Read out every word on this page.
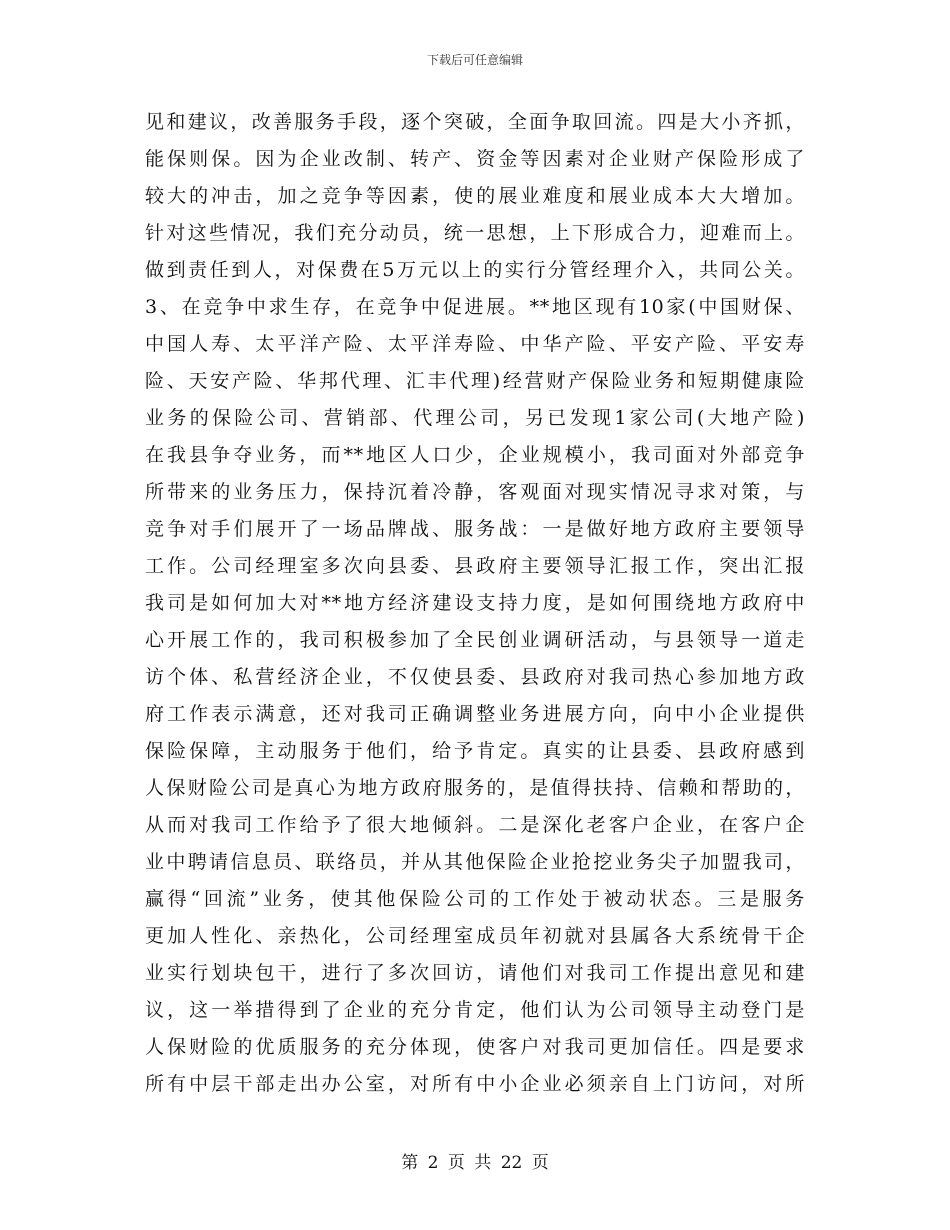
下载后可任意编辑
见和建议，改善服务手段，逐个突破，全面争取回流。四是大小齐抓，
能保则保。因为企业改制、转产、资金等因素对企业财产保险形成了
较大的冲击，加之竞争等因素，使的展业难度和展业成本大大增加。
针对这些情况，我们充分动员，统一思想，上下形成合力，迎难而上。
做到责任到人，对保费在5万元以上的实行分管经理介入，共同公关。
3、在竞争中求生存，在竞争中促进展。**地区现有10家(中国财保、
中国人寿、太平洋产险、太平洋寿险、中华产险、平安产险、平安寿
险、天安产险、华邦代理、汇丰代理)经营财产保险业务和短期健康险
业务的保险公司、营销部、代理公司，另已发现1家公司(大地产险)
在我县争夺业务，而**地区人口少，企业规模小，我司面对外部竞争
所带来的业务压力，保持沉着冷静，客观面对现实情况寻求对策，与
竞争对手们展开了一场品牌战、服务战：一是做好地方政府主要领导
工作。公司经理室多次向县委、县政府主要领导汇报工作，突出汇报
我司是如何加大对**地方经济建设支持力度，是如何围绕地方政府中
心开展工作的，我司积极参加了全民创业调研活动，与县领导一道走
访个体、私营经济企业，不仅使县委、县政府对我司热心参加地方政
府工作表示满意，还对我司正确调整业务进展方向，向中小企业提供
保险保障，主动服务于他们，给予肯定。真实的让县委、县政府感到
人保财险公司是真心为地方政府服务的，是值得扶持、信赖和帮助的，
从而对我司工作给予了很大地倾斜。二是深化老客户企业，在客户企
业中聘请信息员、联络员，并从其他保险企业抢挖业务尖子加盟我司，
赢得“回流”业务，使其他保险公司的工作处于被动状态。三是服务
更加人性化、亲热化，公司经理室成员年初就对县属各大系统骨干企
业实行划块包干，进行了多次回访，请他们对我司工作提出意见和建
议，这一举措得到了企业的充分肯定，他们认为公司领导主动登门是
人保财险的优质服务的充分体现，使客户对我司更加信任。四是要求
所有中层干部走出办公室，对所有中小企业必须亲自上门访问，对所
第 2 页 共 22 页
